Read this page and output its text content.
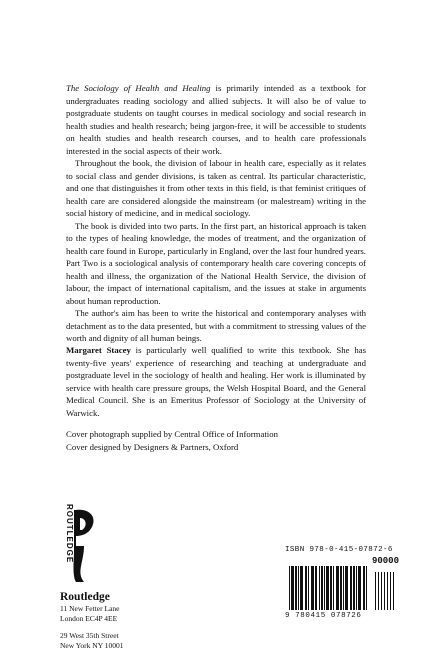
The Sociology of Health and Healing is primarily intended as a textbook for undergraduates reading sociology and allied subjects. It will also be of value to postgraduate students on taught courses in medical sociology and social research in health studies and health research; being jargon-free, it will be accessible to students on health studies and health research courses, and to health care professionals interested in the social aspects of their work.

Throughout the book, the division of labour in health care, especially as it relates to social class and gender divisions, is taken as central. Its particular characteristic, and one that distinguishes it from other texts in this field, is that feminist critiques of health care are considered alongside the mainstream (or malestream) writing in the social history of medicine, and in medical sociology.

The book is divided into two parts. In the first part, an historical approach is taken to the types of healing knowledge, the modes of treatment, and the organization of health care found in Europe, particularly in England, over the last four hundred years. Part Two is a sociological analysis of contemporary health care covering concepts of health and illness, the organization of the National Health Service, the division of labour, the impact of international capitalism, and the issues at stake in arguments about human reproduction.

The author's aim has been to write the historical and contemporary analyses with detachment as to the data presented, but with a commitment to stressing values of the worth and dignity of all human beings.

Margaret Stacey is particularly well qualified to write this textbook. She has twenty-five years' experience of researching and teaching at undergraduate and postgraduate level in the sociology of health and healing. Her work is illuminated by service with health care pressure groups, the Welsh Hospital Board, and the General Medical Council. She is an Emeritus Professor of Sociology at the University of Warwick.

Cover photograph supplied by Central Office of Information

Cover designed by Designers & Partners, Oxford

ROUTLEDGE
Routledge
11 New Fetter Lane
London EC4P 4EE
29 West 35th Street
New York NY 10001
ISBN 978-0-415-07872-6
90000
9 780415 078726
